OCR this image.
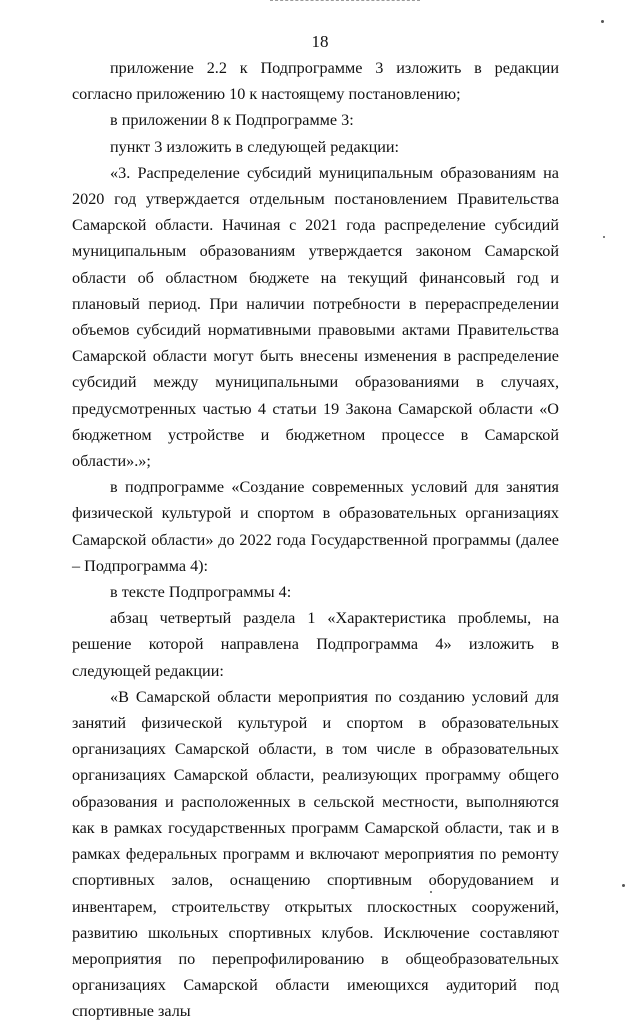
18

приложение 2.2 к Подпрограмме 3 изложить в редакции согласно приложению 10 к настоящему постановлению;

в приложении 8 к Подпрограмме 3:

пункт 3 изложить в следующей редакции:

«3. Распределение субсидий муниципальным образованиям на 2020 год утверждается отдельным постановлением Правительства Самарской области. Начиная с 2021 года распределение субсидий муниципальным образованиям утверждается законом Самарской области об областном бюджете на текущий финансовый год и плановый период. При наличии потребности в перераспределении объемов субсидий нормативными правовыми актами Правительства Самарской области могут быть внесены изменения в распределение субсидий между муниципальными образованиями в случаях, предусмотренных частью 4 статьи 19 Закона Самарской области «О бюджетном устройстве и бюджетном процессе в Самарской области».»;

в подпрограмме «Создание современных условий для занятия физической культурой и спортом в образовательных организациях Самарской области» до 2022 года Государственной программы (далее – Подпрограмма 4):

в тексте Подпрограммы 4:

абзац четвертый раздела 1 «Характеристика проблемы, на решение которой направлена Подпрограмма 4» изложить в следующей редакции:

«В Самарской области мероприятия по созданию условий для занятий физической культурой и спортом в образовательных организациях Самарской области, в том числе в образовательных организациях Самарской области, реализующих программу общего образования и расположенных в сельской местности, выполняются как в рамках государственных программ Самарской области, так и в рамках федеральных программ и включают мероприятия по ремонту спортивных залов, оснащению спортивным оборудованием и инвентарем, строительству открытых плоскостных сооружений, развитию школьных спортивных клубов. Исключение составляют мероприятия по перепрофилированию в общеобразовательных организациях Самарской области имеющихся аудиторий под спортивные залы
